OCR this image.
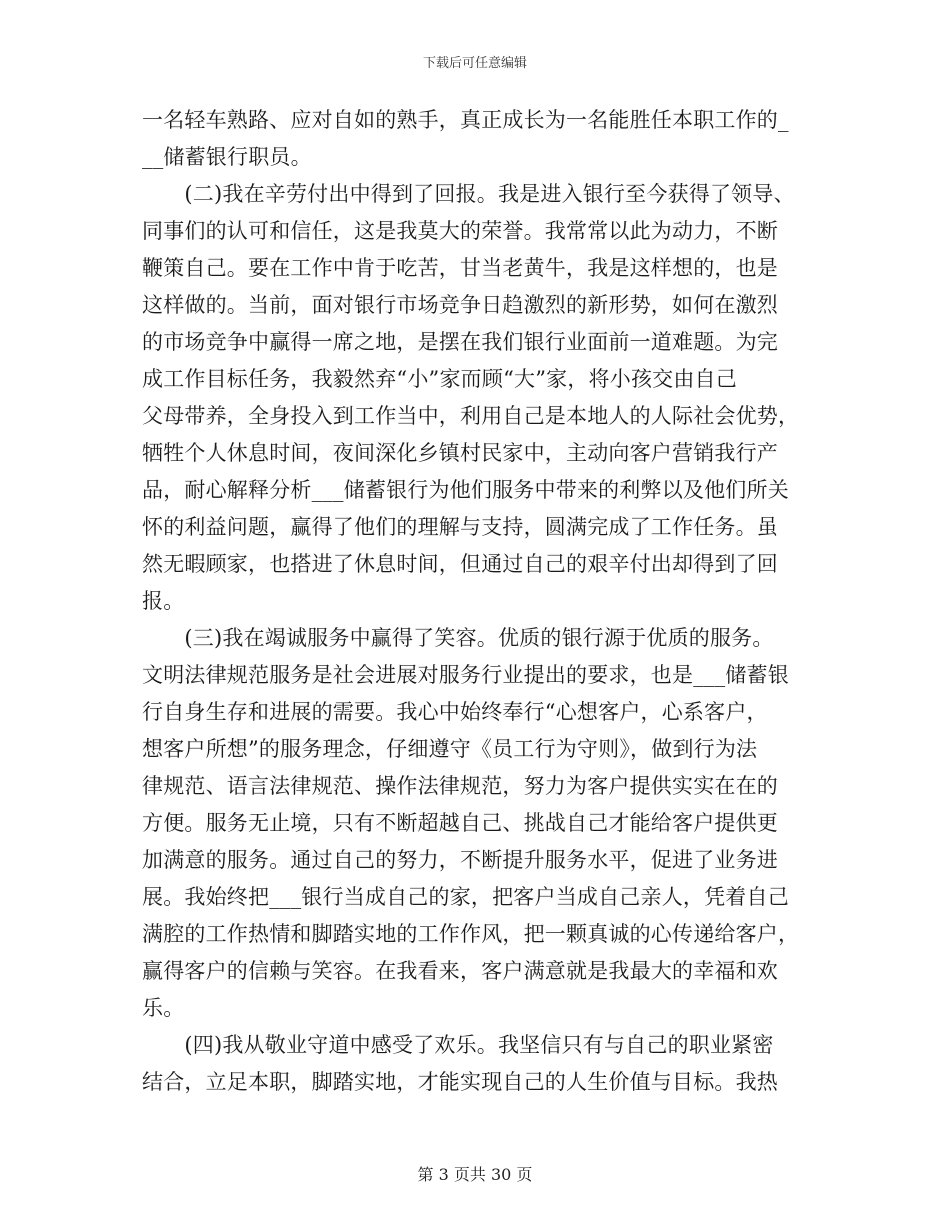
下载后可任意编辑
一名轻车熟路、应对自如的熟手，真正成长为一名能胜任本职工作的_
__储蓄银行职员。
　　(二)我在辛劳付出中得到了回报。我是进入银行至今获得了领导、
同事们的认可和信任，这是我莫大的荣誉。我常常以此为动力，不断
鞭策自己。要在工作中肯于吃苦，甘当老黄牛，我是这样想的，也是
这样做的。当前，面对银行市场竞争日趋激烈的新形势，如何在激烈
的市场竞争中赢得一席之地，是摆在我们银行业面前一道难题。为完
成工作目标任务，我毅然弃“小”家而顾“大”家，将小孩交由自己
父母带养，全身投入到工作当中，利用自己是本地人的人际社会优势，
牺牲个人休息时间，夜间深化乡镇村民家中，主动向客户营销我行产
品，耐心解释分析___储蓄银行为他们服务中带来的利弊以及他们所关
怀的利益问题，赢得了他们的理解与支持，圆满完成了工作任务。虽
然无暇顾家，也搭进了休息时间，但通过自己的艰辛付出却得到了回
报。
　　(三)我在竭诚服务中赢得了笑容。优质的银行源于优质的服务。
文明法律规范服务是社会进展对服务行业提出的要求，也是___储蓄银
行自身生存和进展的需要。我心中始终奉行“心想客户，心系客户，
想客户所想”的服务理念，仔细遵守《员工行为守则》，做到行为法
律规范、语言法律规范、操作法律规范，努力为客户提供实实在在的
方便。服务无止境，只有不断超越自己、挑战自己才能给客户提供更
加满意的服务。通过自己的努力，不断提升服务水平，促进了业务进
展。我始终把___银行当成自己的家，把客户当成自己亲人，凭着自己
满腔的工作热情和脚踏实地的工作作风，把一颗真诚的心传递给客户，
赢得客户的信赖与笑容。在我看来，客户满意就是我最大的幸福和欢
乐。
　　(四)我从敬业守道中感受了欢乐。我坚信只有与自己的职业紧密
结合，立足本职，脚踏实地，才能实现自己的人生价值与目标。我热
第 3 页共 30 页
